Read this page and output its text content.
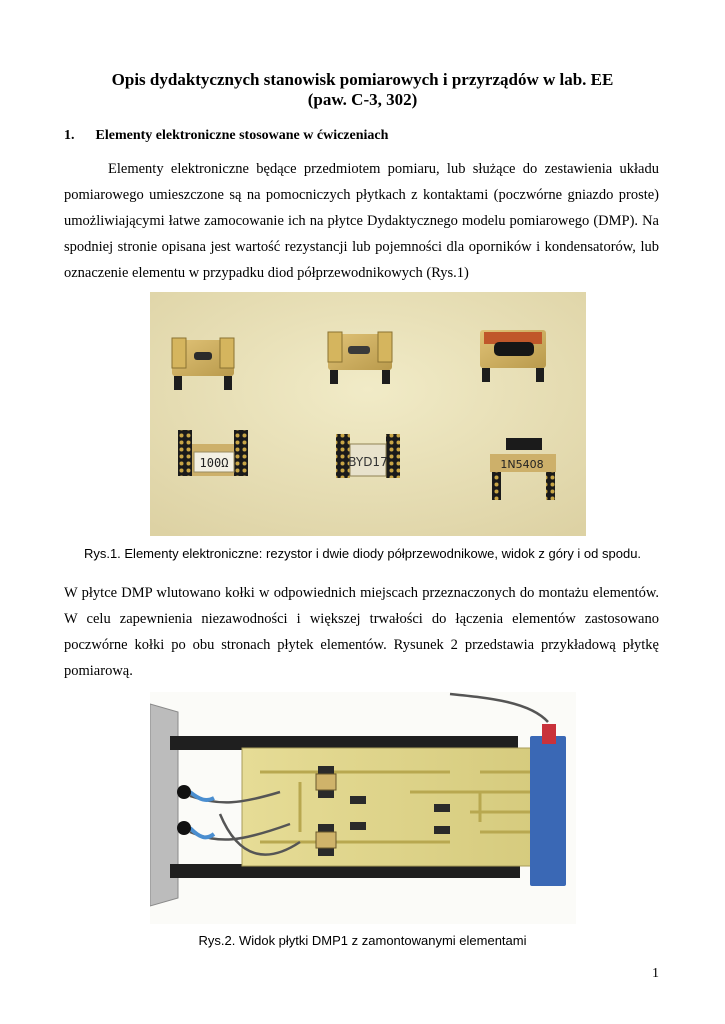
Opis dydaktycznych stanowisk pomiarowych i przyrządów w lab. EE
(paw. C-3, 302)
1. Elementy elektroniczne stosowane w ćwiczeniach

Elementy elektroniczne będące przedmiotem pomiaru, lub służące do zestawienia układu pomiarowego umieszczone są na pomocniczych płytkach z kontaktami (poczwórne gniazdo proste) umożliwiającymi łatwe zamocowanie ich na płytce Dydaktycznego modelu pomiarowego (DMP). Na spodniej stronie opisana jest wartość rezystancji lub pojemności dla oporników i kondensatorów, lub oznaczenie elementu w przypadku diod półprzewodnikowych (Rys.1)

100Ω	BYD17	1N5408
Rys.1. Elementy elektroniczne: rezystor i dwie diody półprzewodnikowe, widok z góry i od spodu.

W płytce DMP wlutowano kołki w odpowiednich miejscach przeznaczonych do montażu elementów. W celu zapewnienia niezawodności i większej trwałości do łączenia elementów zastosowano poczwórne kołki po obu stronach płytek elementów. Rysunek 2 przedstawia przykładową płytkę pomiarową.

Rys.2. Widok płytki DMP1 z zamontowanymi elementami
1
